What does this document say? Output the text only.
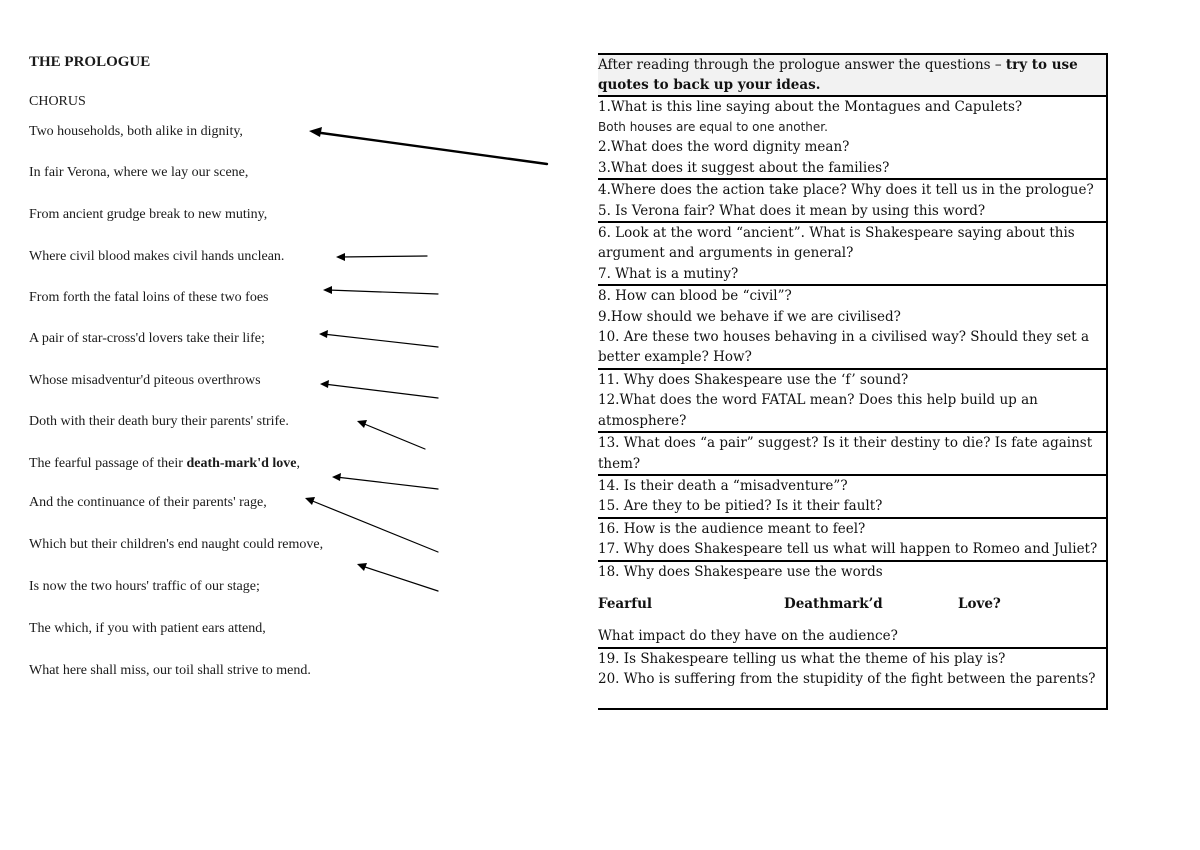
THE PROLOGUE
CHORUS
Two households, both alike in dignity,
In fair Verona, where we lay our scene,
From ancient grudge break to new mutiny,
Where civil blood makes civil hands unclean.
From forth the fatal loins of these two foes
A pair of star-cross'd lovers take their life;
Whose misadventur'd piteous overthrows
Doth with their death bury their parents' strife.
The fearful passage of their death-mark'd love,
And the continuance of their parents' rage,
Which but their children's end naught could remove,
Is now the two hours' traffic of our stage;
The which, if you with patient ears attend,
What here shall miss, our toil shall strive to mend.
After reading through the prologue answer the questions – try to use quotes to back up your ideas.
1.What is this line saying about the Montagues and Capulets?
Both houses are equal to one another.
2.What does the word dignity mean?
3.What does it suggest about the families?
4.Where does the action take place? Why does it tell us in the prologue?
5. Is Verona fair? What does it mean by using this word?
6. Look at the word “ancient”. What is Shakespeare saying about this argument and arguments in general?
7. What is a mutiny?
8. How can blood be “civil”?
9.How should we behave if we are civilised?
10. Are these two houses behaving in a civilised way? Should they set a better example? How?
11. Why does Shakespeare use the ‘f’ sound?
12.What does the word FATAL mean? Does this help build up an atmosphere?
13. What does “a pair” suggest? Is it their destiny to die? Is fate against them?
14. Is their death a “misadventure”?
15. Are they to be pitied? Is it their fault?
16. How is the audience meant to feel?
17. Why does Shakespeare tell us what will happen to Romeo and Juliet?
18. Why does Shakespeare use the words
Fearful	Deathmark’d	Love?
What impact do they have on the audience?
19. Is Shakespeare telling us what the theme of his play is?
20. Who is suffering from the stupidity of the fight between the parents?
